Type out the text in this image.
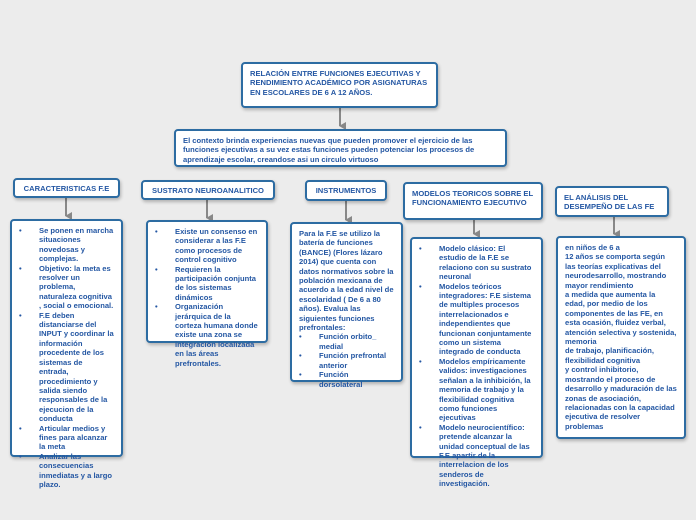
RELACIÓN ENTRE FUNCIONES EJECUTIVAS Y RENDIMIENTO ACADÉMICO POR ASIGNATURAS EN ESCOLARES DE 6 A 12 AÑOS.
El contexto brinda experiencias nuevas que pueden promover el ejercicio de las funciones ejecutivas a su vez estas funciones pueden potenciar los procesos de aprendizaje escolar, creandose asi un circulo virtuoso
CARACTERISTICAS F.E
•	Se ponen en marcha situaciones novedosas y complejas.
•	Objetivo: la meta es resolver un problema, naturaleza cognitiva , social o emocional.
•	F.E deben distanciarse del INPUT y coordinar la información procedente de los sistemas de entrada, procedimiento y salida siendo responsables de la ejecucion de la conducta
•	Articular medios y fines para alcanzar la meta
•	Analizar las consecuencias inmediatas y a largo plazo.
SUSTRATO NEUROANALITICO
•	Existe un consenso en considerar a las F.E como procesos de control cognitivo
•	Requieren la participación conjunta de los sistemas dinámicos
•	Organización jerárquica de la corteza humana donde existe una zona se integración localizada en las áreas prefrontales.
INSTRUMENTOS
Para la F.E se utilizo la batería de funciones (BANCE) (Flores lázaro 2014) que cuenta con datos normativos sobre la población mexicana de acuerdo a la edad nivel de escolaridad ( De 6 a 80 años). Evalua las siguientes funciones prefrontales:
•	Función orbito_ medial
•	Función prefrontal anterior
•	Función dorsolateral
MODELOS TEORICOS SOBRE EL FUNCIONAMIENTO EJECUTIVO
•	Modelo clásico: El estudio de la F.E se relaciono con su sustrato neuronal
•	Modelos teóricos integradores: F.E sistema de multiples procesos interrelacionados e independientes que funcionan conjuntamente como un sistema integrado de conducta
•	Modelos empíricamente validos: investigaciones señalan a la inhibición, la memoria de trabajo y la flexibilidad cognitiva como funciones ejecutivas
•	Modelo neurocientífico: pretende alcanzar la unidad conceptual de las F.E apartir de la interrelacion de los senderos de investigación.
EL ANÁLISIS DEL DESEMPEÑO DE LAS FE
en niños de 6 a
12 años se comporta según las teorías explicativas del neurodesarrollo, mostrando mayor rendimiento
a medida que aumenta la edad, por medio de los componentes de las FE, en esta ocasión, fluidez verbal, atención selectiva y sostenida, memoria
de trabajo, planificación, flexibilidad cognitiva
y control inhibitorio, mostrando el proceso de desarrollo y maduración de las zonas de asociación, relacionadas con la capacidad ejecutiva de resolver
problemas
